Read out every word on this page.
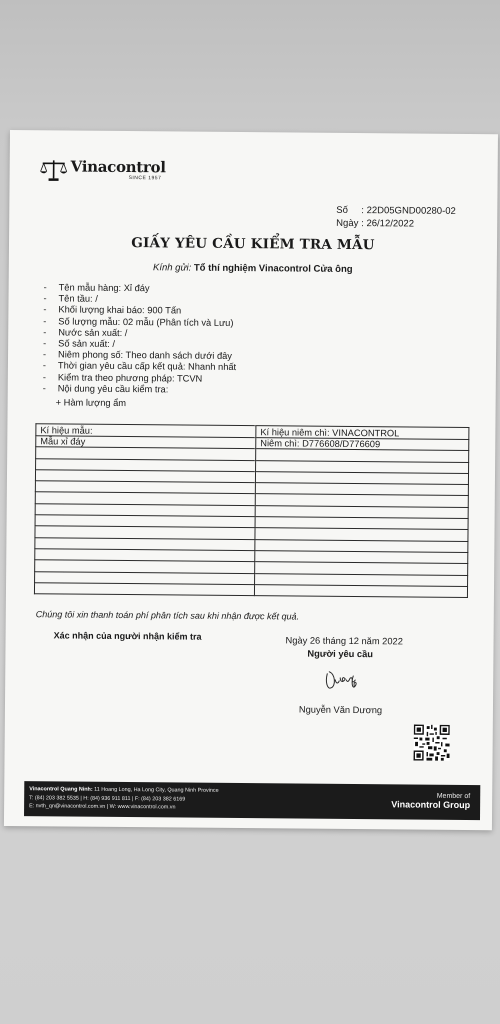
Vinacontrol
SINCE 1957
Số	: 22D05GND00280-02
Ngày : 26/12/2022
GIẤY YÊU CẦU KIỂM TRA MẪU
Kính gửi: Tổ thí nghiệm Vinacontrol Cửa ông
-	Tên mẫu hàng: Xỉ đáy
-	Tên tầu: /
-	Khối lượng khai báo: 900 Tấn
-	Số lượng mẫu: 02 mẫu (Phân tích và Lưu)
-	Nước sản xuất: /
-	Số sản xuất: /
-	Niêm phong số: Theo danh sách dưới đây
-	Thời gian yêu cầu cấp kết quả: Nhanh nhất
-	Kiểm tra theo phương pháp: TCVN
-	Nội dung yêu cầu kiểm tra:
+ Hàm lượng ẩm
Kí hiệu mẫu:	Kí hiệu niêm chì: VINACONTROL
Mẫu xỉ đáy	Niêm chì: D776608/D776609

Chúng tôi xin thanh toán phí phân tích sau khi nhận được kết quả.
Xác nhận của người nhận kiểm tra	Ngày 26 tháng 12 năm 2022
Người yêu cầu
Nguyễn Văn Dương
Vinacontrol Quang Ninh: 11 Hoang Long, Ha Long City, Quang Ninh Province
T: (84) 203 382 5535 | H: (84) 936 911 811 | F: (84) 203 382 6169
E: nvth_qn@vinacontrol.com.vn | W: www.vinacontrol.com.vn
Member of
Vinacontrol Group
